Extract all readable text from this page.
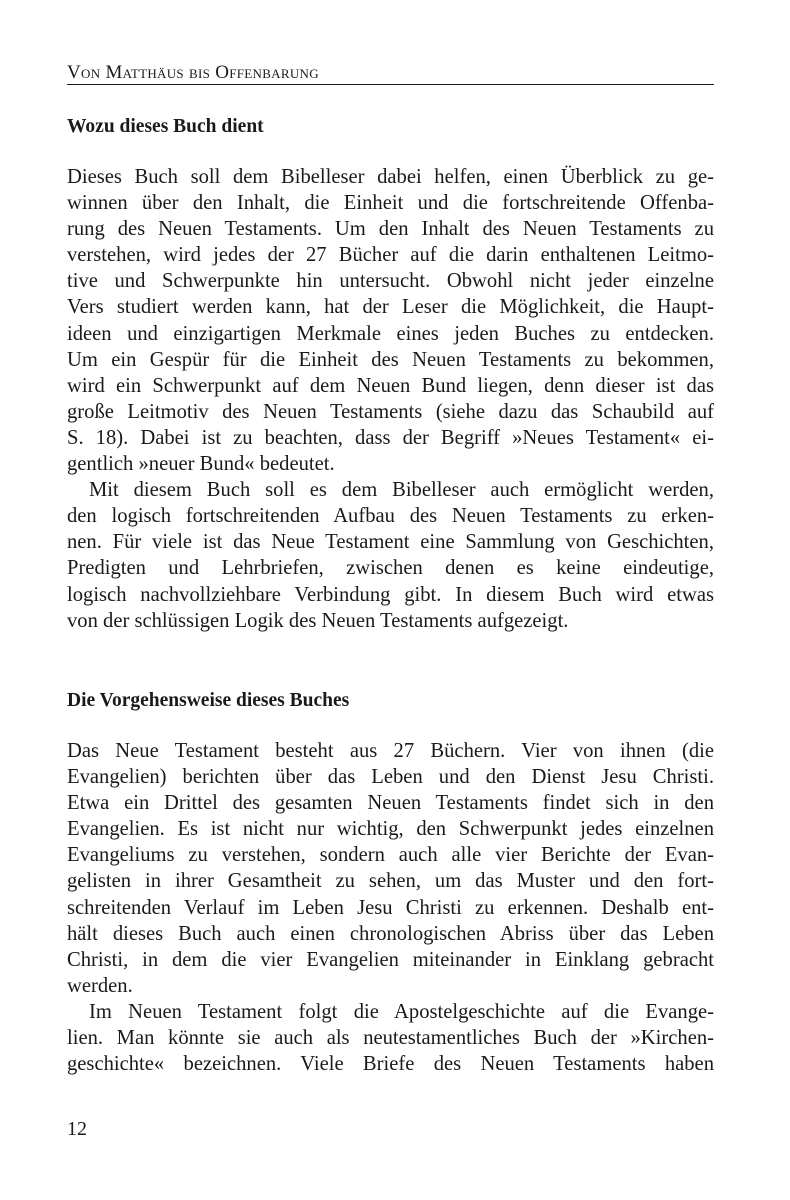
Von Matthäus bis Offenbarung
Wozu dieses Buch dient
Dieses Buch soll dem Bibelleser dabei helfen, einen Überblick zu ge-
winnen über den Inhalt, die Einheit und die fortschreitende Offenba-
rung des Neuen Testaments. Um den Inhalt des Neuen Testaments zu
verstehen, wird jedes der 27 Bücher auf die darin enthaltenen Leitmo-
tive und Schwerpunkte hin untersucht. Obwohl nicht jeder einzelne
Vers studiert werden kann, hat der Leser die Möglichkeit, die Haupt-
ideen und einzigartigen Merkmale eines jeden Buches zu entdecken.
Um ein Gespür für die Einheit des Neuen Testaments zu bekommen,
wird ein Schwerpunkt auf dem Neuen Bund liegen, denn dieser ist das
große Leitmotiv des Neuen Testaments (siehe dazu das Schaubild auf
S. 18). Dabei ist zu beachten, dass der Begriff »Neues Testament« ei-
gentlich »neuer Bund« bedeutet.
Mit diesem Buch soll es dem Bibelleser auch ermöglicht werden,
den logisch fortschreitenden Aufbau des Neuen Testaments zu erken-
nen. Für viele ist das Neue Testament eine Sammlung von Geschichten,
Predigten und Lehrbriefen, zwischen denen es keine eindeutige,
logisch nachvollziehbare Verbindung gibt. In diesem Buch wird etwas
von der schlüssigen Logik des Neuen Testaments aufgezeigt.
Die Vorgehensweise dieses Buches
Das Neue Testament besteht aus 27 Büchern. Vier von ihnen (die
Evangelien) berichten über das Leben und den Dienst Jesu Christi.
Etwa ein Drittel des gesamten Neuen Testaments findet sich in den
Evangelien. Es ist nicht nur wichtig, den Schwerpunkt jedes einzelnen
Evangeliums zu verstehen, sondern auch alle vier Berichte der Evan-
gelisten in ihrer Gesamtheit zu sehen, um das Muster und den fort-
schreitenden Verlauf im Leben Jesu Christi zu erkennen. Deshalb ent-
hält dieses Buch auch einen chronologischen Abriss über das Leben
Christi, in dem die vier Evangelien miteinander in Einklang gebracht
werden.
Im Neuen Testament folgt die Apostelgeschichte auf die Evange-
lien. Man könnte sie auch als neutestamentliches Buch der »Kirchen-
geschichte« bezeichnen. Viele Briefe des Neuen Testaments haben
12
